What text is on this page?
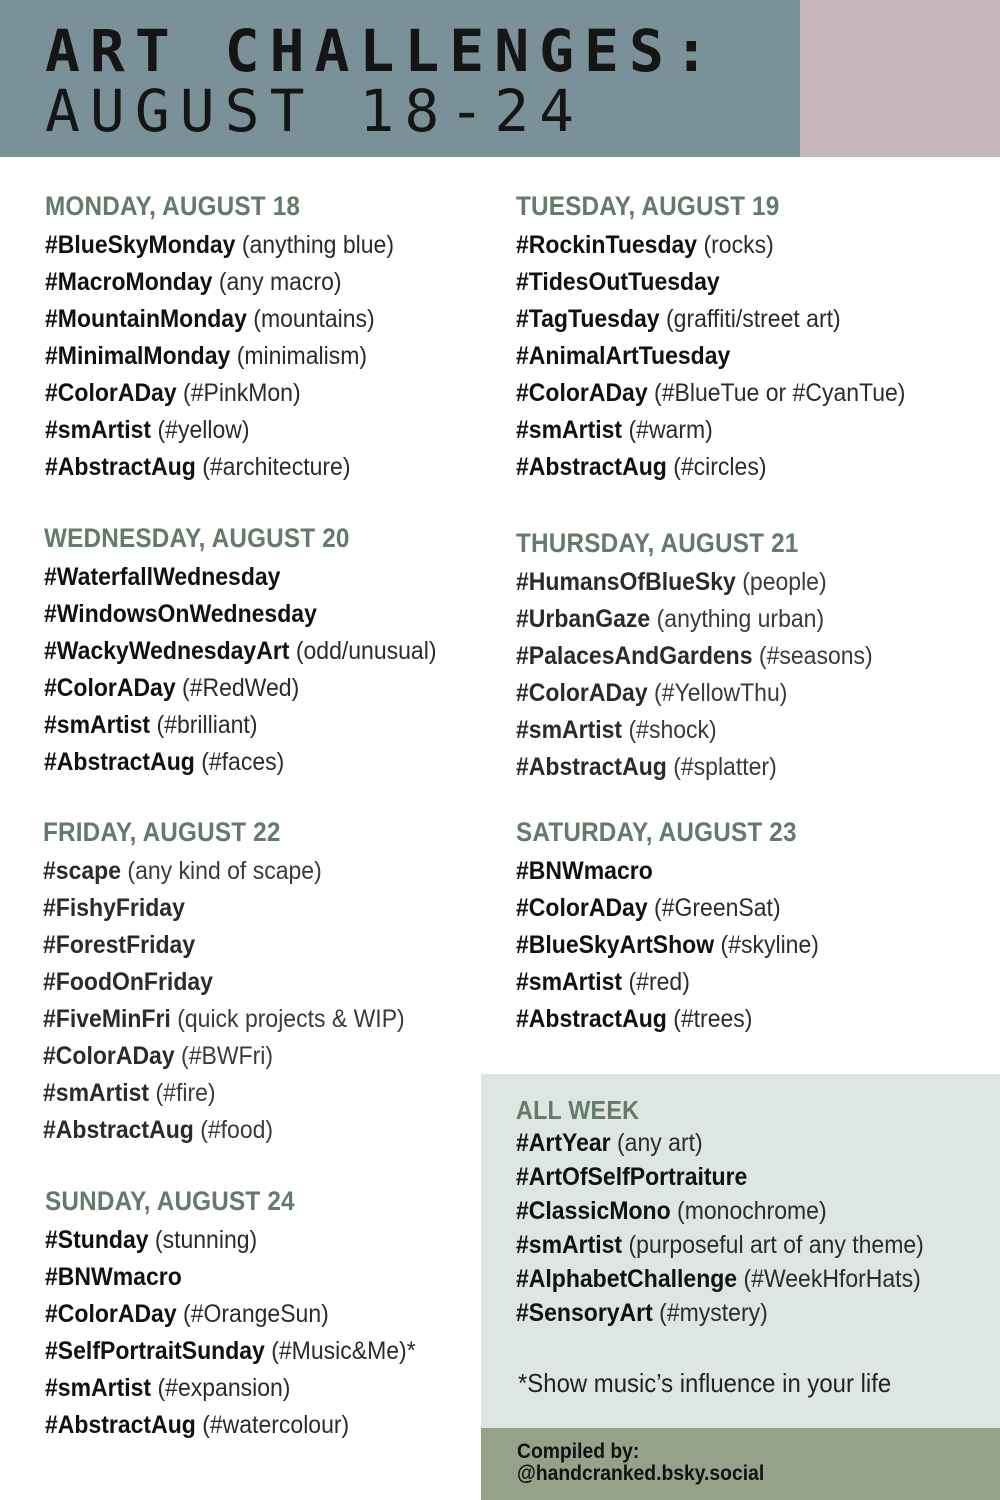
ART CHALLENGES:
AUGUST 18-24
MONDAY, AUGUST 18
#BlueSkyMonday (anything blue)
#MacroMonday (any macro)
#MountainMonday (mountains)
#MinimalMonday (minimalism)
#ColorADay (#PinkMon)
#smArtist (#yellow)
#AbstractAug (#architecture)
TUESDAY, AUGUST 19
#RockinTuesday (rocks)
#TidesOutTuesday
#TagTuesday (graffiti/street art)
#AnimalArtTuesday
#ColorADay (#BlueTue or #CyanTue)
#smArtist (#warm)
#AbstractAug (#circles)
WEDNESDAY, AUGUST 20
#WaterfallWednesday
#WindowsOnWednesday
#WackyWednesdayArt (odd/unusual)
#ColorADay (#RedWed)
#smArtist (#brilliant)
#AbstractAug (#faces)
THURSDAY, AUGUST 21
#HumansOfBlueSky (people)
#UrbanGaze (anything urban)
#PalacesAndGardens (#seasons)
#ColorADay (#YellowThu)
#smArtist (#shock)
#AbstractAug (#splatter)
FRIDAY, AUGUST 22
#scape (any kind of scape)
#FishyFriday
#ForestFriday
#FoodOnFriday
#FiveMinFri (quick projects & WIP)
#ColorADay (#BWFri)
#smArtist (#fire)
#AbstractAug (#food)
SATURDAY, AUGUST 23
#BNWmacro
#ColorADay (#GreenSat)
#BlueSkyArtShow (#skyline)
#smArtist (#red)
#AbstractAug (#trees)
SUNDAY, AUGUST 24
#Stunday (stunning)
#BNWmacro
#ColorADay (#OrangeSun)
#SelfPortraitSunday (#Music&Me)*
#smArtist (#expansion)
#AbstractAug (#watercolour)
ALL WEEK
#ArtYear (any art)
#ArtOfSelfPortraiture
#ClassicMono (monochrome)
#smArtist (purposeful art of any theme)
#AlphabetChallenge (#WeekHforHats)
#SensoryArt (#mystery)

*Show music’s influence in your life

Compiled by:

@handcranked.bsky.social
